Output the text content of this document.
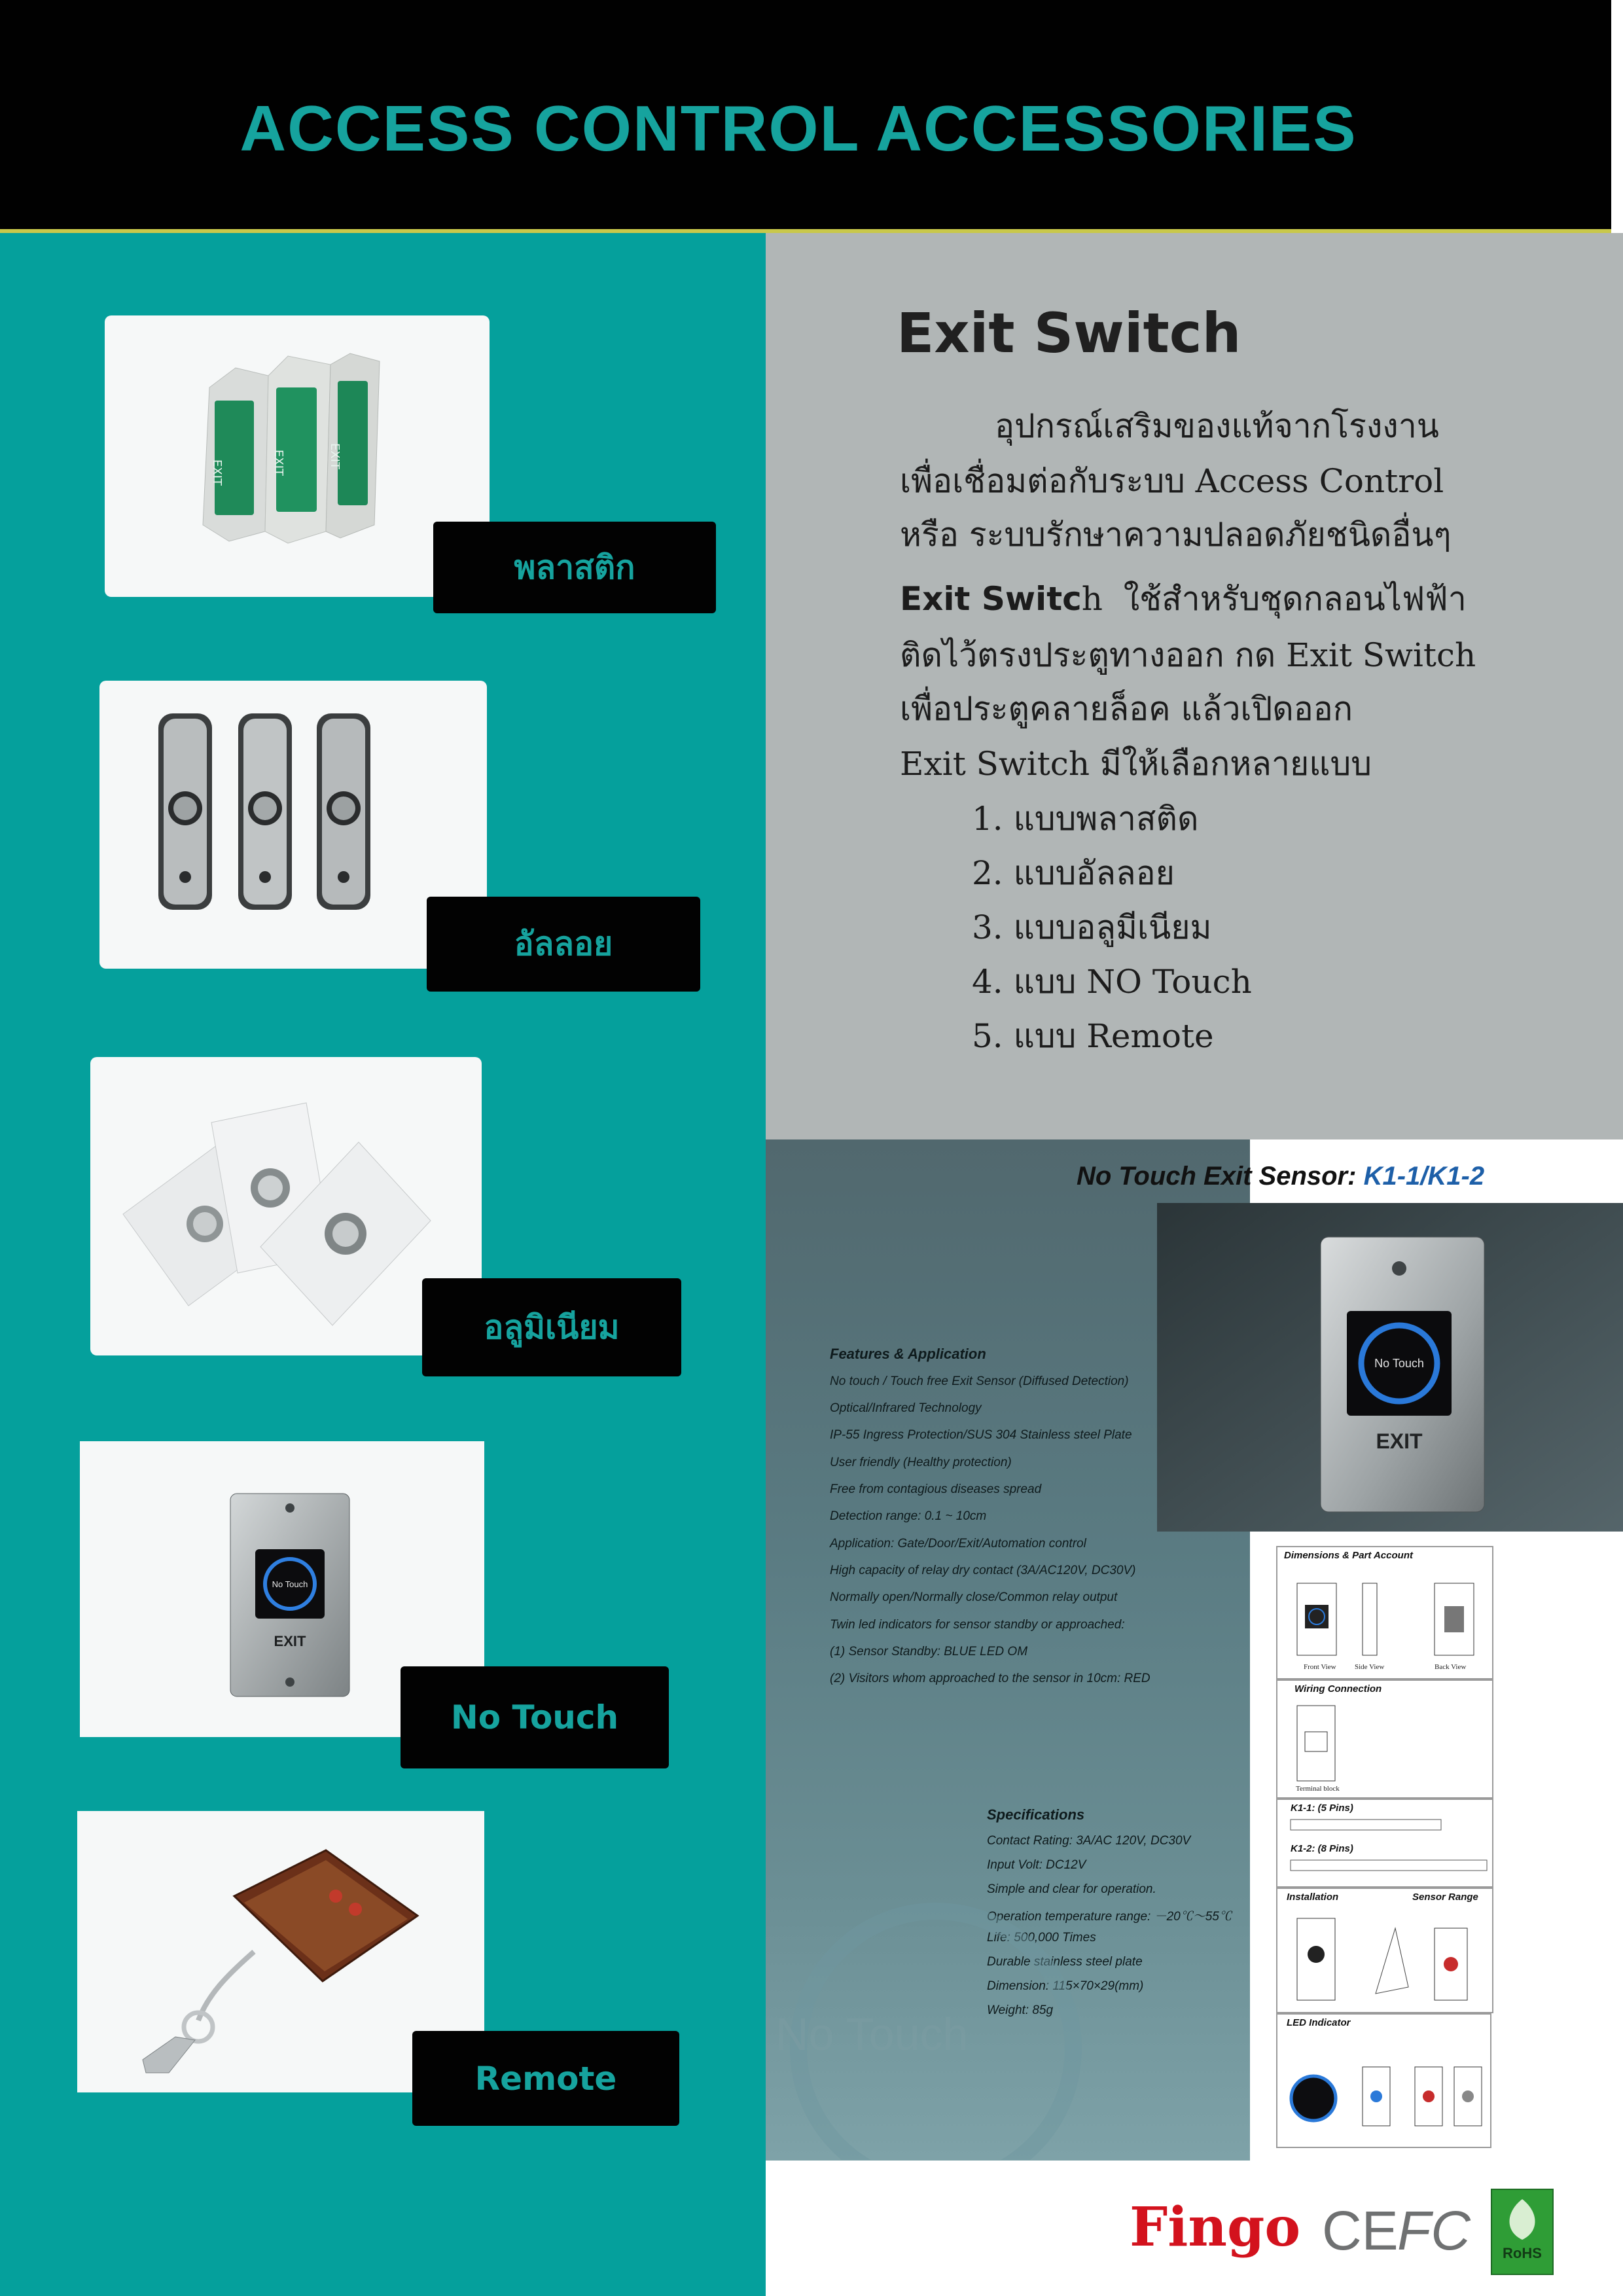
ACCESS CONTROL ACCESSORIES
EXIT	EXIT	EXIT
พลาสติก
อัลลอย
อลูมิเนียม
No Touch
EXIT
No Touch
Remote
Exit Switch
อุปกรณ์เสริมของแท้จากโรงงาน
เพื่อเชื่อมต่อกับระบบ Access Control
หรือ ระบบรักษาความปลอดภัยชนิดอื่นๆ
Exit Switch ใช้สำหรับชุดกลอนไฟฟ้า
ติดไว้ตรงประตูทางออก กด Exit Switch
เพื่อประตูคลายล็อค แล้วเปิดออก
Exit Switch มีให้เลือกหลายแบบ
1. แบบพลาสติด
2. แบบอัลลอย
3. แบบอลูมีเนียม
4. แบบ NO Touch
5. แบบ Remote
No Touch Exit Sensor: K1-1/K1-2
No Touch
EXIT
Features & Application
No touch / Touch free Exit Sensor (Diffused Detection)
Optical/Infrared Technology
IP-55 Ingress Protection/SUS 304 Stainless steel Plate
User friendly (Healthy protection)
Free from contagious diseases spread
Detection range: 0.1 ~ 10cm
Application: Gate/Door/Exit/Automation control
High capacity of relay dry contact (3A/AC120V, DC30V)
Normally open/Normally close/Common relay output
Twin led indicators for sensor standby or approached:
(1) Sensor Standby: BLUE LED OM
(2) Visitors whom approached to the sensor in 10cm: RED
Specifications
Contact Rating: 3A/AC 120V, DC30V
Input Volt: DC12V
Simple and clear for operation.
Operation temperature range: －20℃～55℃
Life: 500,000 Times
Durable stainless steel plate
Dimension: 115×70×29(mm)
Weight: 85g
No Touch
Dimensions & Part Account
Front View	Side View	Back View
Wiring Connection
Terminal block
K1-1: (5 Pins)
K1-2: (8 Pins)
Installation	Sensor Range
LED Indicator
Fingo CE
FC	RoHS
